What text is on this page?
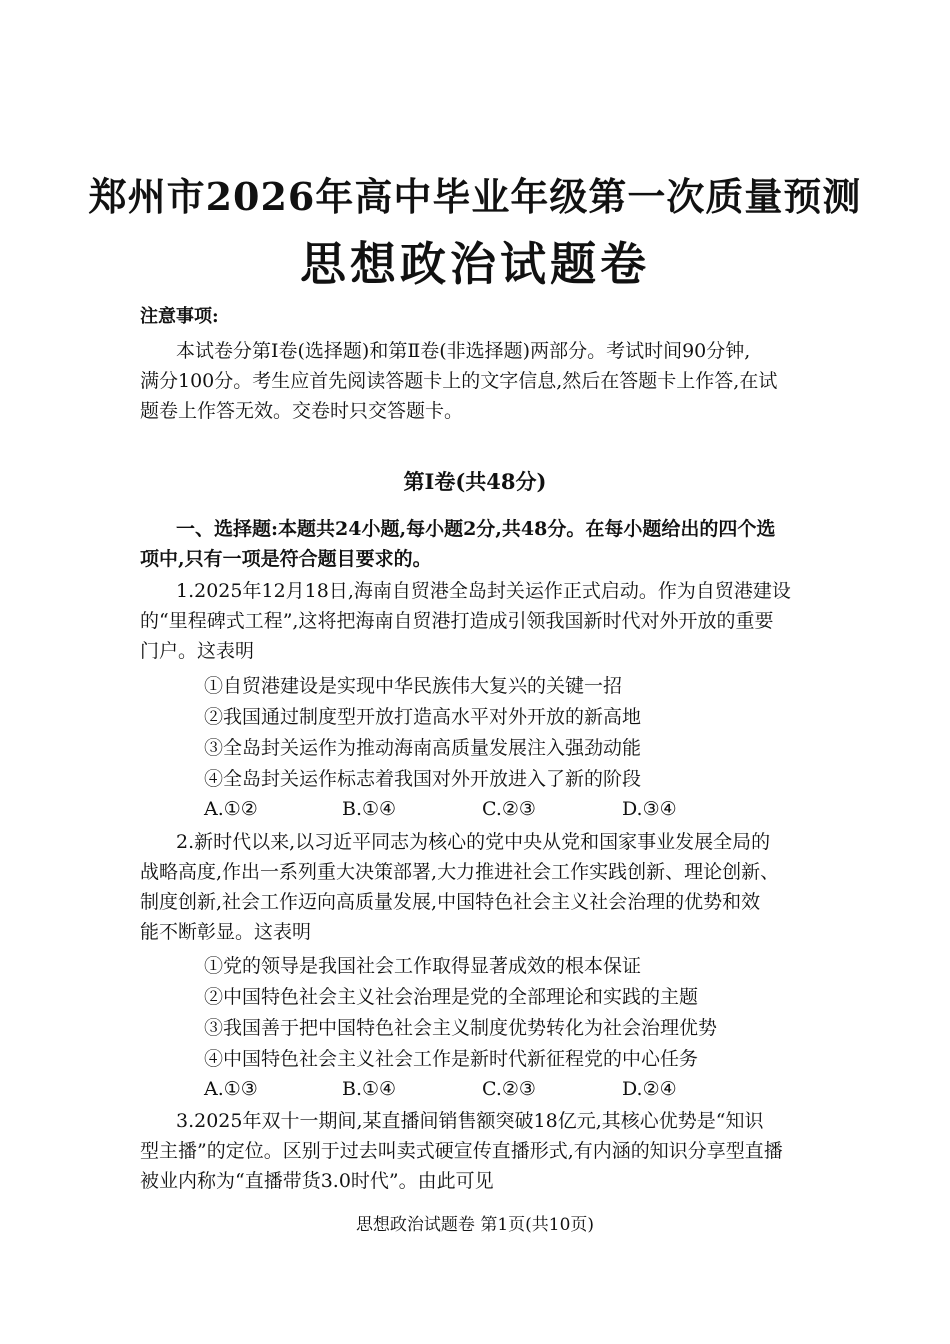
郑州市2026年高中毕业年级第一次质量预测
思想政治试题卷
注意事项:
本试卷分第Ⅰ卷(选择题)和第Ⅱ卷(非选择题)两部分。考试时间90分钟,
满分100分。考生应首先阅读答题卡上的文字信息,然后在答题卡上作答,在试
题卷上作答无效。交卷时只交答题卡。
第Ⅰ卷(共48分)
一、选择题:本题共24小题,每小题2分,共48分。在每小题给出的四个选
项中,只有一项是符合题目要求的。
1.2025年12月18日,海南自贸港全岛封关运作正式启动。作为自贸港建设
的“里程碑式工程”,这将把海南自贸港打造成引领我国新时代对外开放的重要
门户。这表明
①自贸港建设是实现中华民族伟大复兴的关键一招
②我国通过制度型开放打造高水平对外开放的新高地
③全岛封关运作为推动海南高质量发展注入强劲动能
④全岛封关运作标志着我国对外开放进入了新的阶段
A.①②	B.①④	C.②③	D.③④
2.新时代以来,以习近平同志为核心的党中央从党和国家事业发展全局的
战略高度,作出一系列重大决策部署,大力推进社会工作实践创新、理论创新、
制度创新,社会工作迈向高质量发展,中国特色社会主义社会治理的优势和效
能不断彰显。这表明
①党的领导是我国社会工作取得显著成效的根本保证
②中国特色社会主义社会治理是党的全部理论和实践的主题
③我国善于把中国特色社会主义制度优势转化为社会治理优势
④中国特色社会主义社会工作是新时代新征程党的中心任务
A.①③	B.①④	C.②③	D.②④
3.2025年双十一期间,某直播间销售额突破18亿元,其核心优势是“知识
型主播”的定位。区别于过去叫卖式硬宣传直播形式,有内涵的知识分享型直播
被业内称为“直播带货3.0时代”。由此可见
思想政治试题卷 第1页(共10页)
